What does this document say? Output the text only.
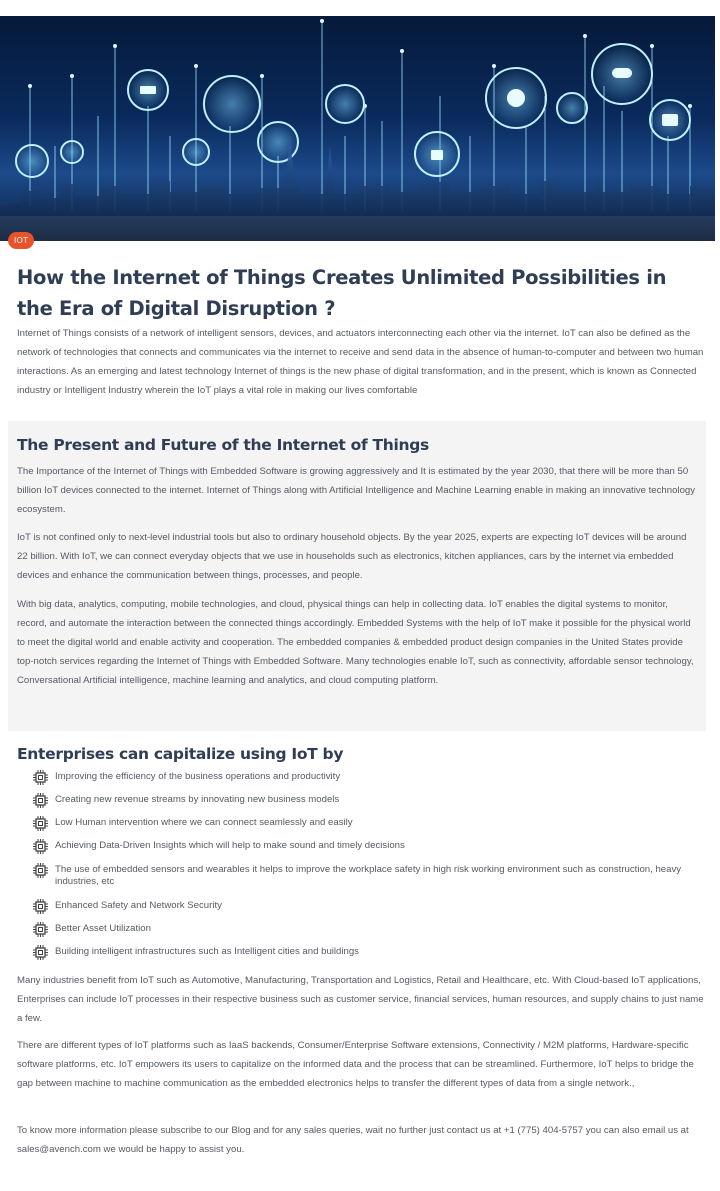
IOT
How the Internet of Things Creates Unlimited Possibilities in the Era of Digital Disruption ?

Internet of Things consists of a network of intelligent sensors, devices, and actuators interconnecting each other via the internet. IoT can also be defined as the network of technologies that connects and communicates via the internet to receive and send data in the absence of human-to-computer and between two human interactions. As an emerging and latest technology Internet of things is the new phase of digital transformation, and in the present, which is known as Connected industry or Intelligent Industry wherein the IoT plays a vital role in making our lives comfortable

The Present and Future of the Internet of Things

The Importance of the Internet of Things with Embedded Software is growing aggressively and It is estimated by the year 2030, that there will be more than 50 billion IoT devices connected to the internet. Internet of Things along with Artificial Intelligence and Machine Learning enable in making an innovative technology ecosystem.

IoT is not confined only to next-level industrial tools but also to ordinary household objects. By the year 2025, experts are expecting IoT devices will be around 22 billion. With IoT, we can connect everyday objects that we use in households such as electronics, kitchen appliances, cars by the internet via embedded devices and enhance the communication between things, processes, and people.

With big data, analytics, computing, mobile technologies, and cloud, physical things can help in collecting data. IoT enables the digital systems to monitor, record, and automate the interaction between the connected things accordingly. Embedded Systems with the help of IoT make it possible for the physical world to meet the digital world and enable activity and cooperation. The embedded companies & embedded product design companies in the United States provide top-notch services regarding the Internet of Things with Embedded Software. Many technologies enable IoT, such as connectivity, affordable sensor technology, Conversational Artificial intelligence, machine learning and analytics, and cloud computing platform.

Enterprises can capitalize using IoT by
Improving the efficiency of the business operations and productivity
Creating new revenue streams by innovating new business models
Low Human intervention where we can connect seamlessly and easily
Achieving Data-Driven Insights which will help to make sound and timely decisions
The use of embedded sensors and wearables it helps to improve the workplace safety in high risk working environment such as construction, heavy industries, etc
Enhanced Safety and Network Security
Better Asset Utilization
Building intelligent infrastructures such as Intelligent cities and buildings

Many industries benefit from IoT such as Automotive, Manufacturing, Transportation and Logistics, Retail and Healthcare, etc. With Cloud-based IoT applications, Enterprises can include IoT processes in their respective business such as customer service, financial services, human resources, and supply chains to just name a few.

There are different types of IoT platforms such as IaaS backends, Consumer/Enterprise Software extensions, Connectivity / M2M platforms, Hardware-specific software platforms, etc. IoT empowers its users to capitalize on the informed data and the process that can be streamlined. Furthermore, IoT helps to bridge the gap between machine to machine communication as the embedded electronics helps to transfer the different types of data from a single network.,

To know more information please subscribe to our Blog and for any sales queries, wait no further just contact us at +1 (775) 404-5757 you can also email us at sales@avench.com we would be happy to assist you.
